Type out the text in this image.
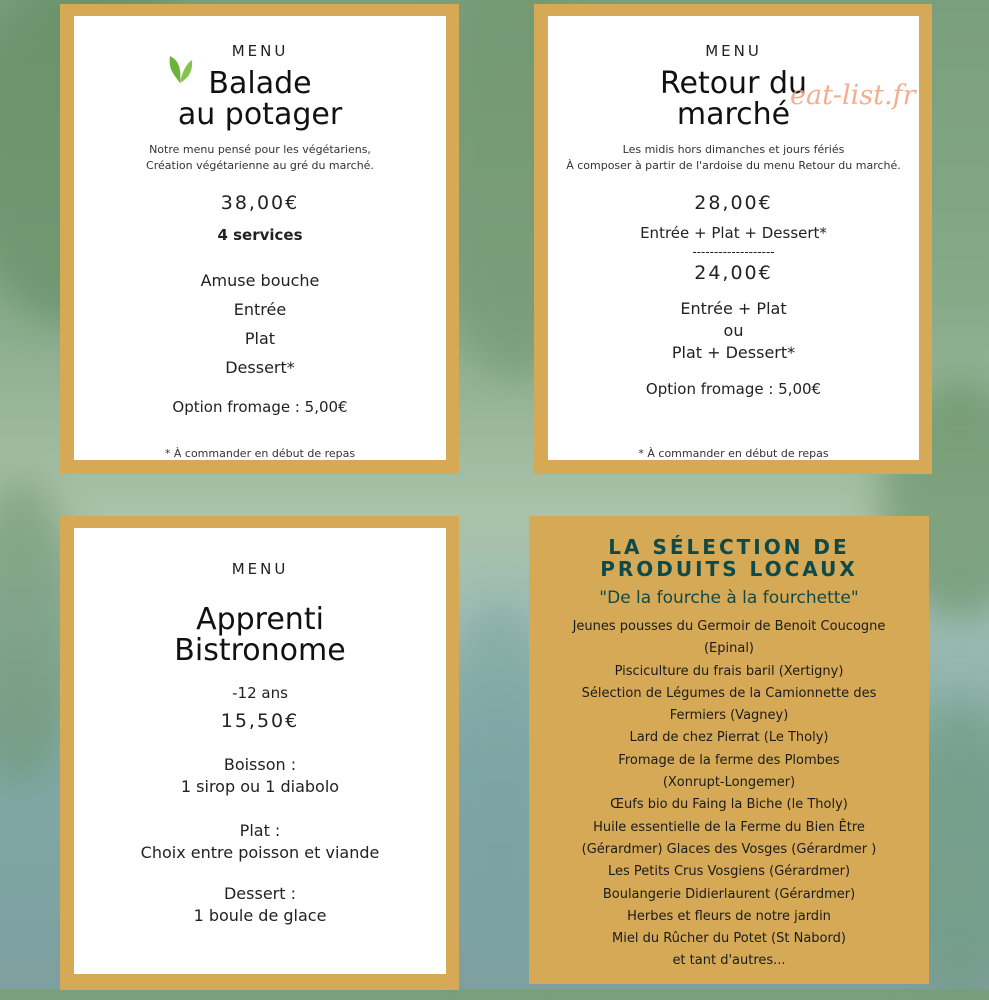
MENU
Balade
au potager
Notre menu pensé pour les végétariens,
Création végétarienne au gré du marché.
38,00€
4 services
Amuse bouche
Entrée
Plat
Dessert*
Option fromage : 5,00€
* À commander en début de repas
MENU
Retour du
marché
Les midis hors dimanches et jours fériés
À composer à partir de l'ardoise du menu Retour du marché.
28,00€
Entrée + Plat + Dessert*
-------------------
24,00€
Entrée + Plat
ou
Plat + Dessert*
Option fromage : 5,00€
* À commander en début de repas
MENU
Apprenti
Bistronome
-12 ans
15,50€
Boisson :
1 sirop ou 1 diabolo
Plat :
Choix entre poisson et viande
Dessert :
1 boule de glace
LA SÉLECTION DE
PRODUITS LOCAUX
"De la fourche à la fourchette"
Jeunes pousses du Germoir de Benoit Coucogne
(Epinal)
Pisciculture du frais baril (Xertigny)
Sélection de Légumes de la Camionnette des
Fermiers (Vagney)
Lard de chez Pierrat (Le Tholy)
Fromage de la ferme des Plombes
(Xonrupt-Longemer)
Œufs bio du Faing la Biche (le Tholy)
Huile essentielle de la Ferme du Bien Être
(Gérardmer) Glaces des Vosges (Gérardmer )
Les Petits Crus Vosgiens (Gérardmer)
Boulangerie Didierlaurent (Gérardmer)
Herbes et fleurs de notre jardin
Miel du Rûcher du Potet (St Nabord)
et tant d'autres...
eat-list.fr
